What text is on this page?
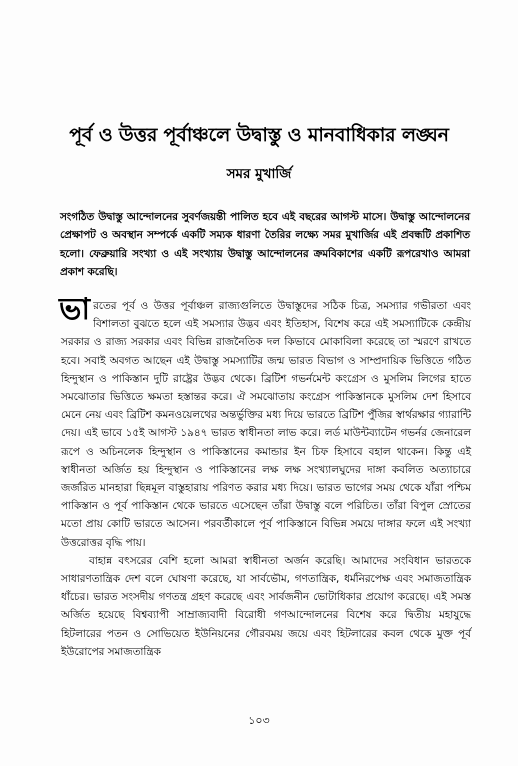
পূর্ব ও উত্তর পূর্বাঞ্চলে উদ্বাস্তু ও মানবাধিকার লঙ্ঘন
সমর মুখার্জি

সংগঠিত উদ্বাস্তু আন্দোলনের সুবর্ণজয়ন্তী পালিত হবে এই বছরের আগস্ট মাসে। উদ্বাস্তু আন্দোলনের প্রেক্ষাপট ও অবস্থান সম্পর্কে একটি সম্যক ধারণা তৈরির লক্ষ্যে সমর মুখার্জির এই প্রবন্ধটি প্রকাশিত হলো। ফেব্রুয়ারি সংখ্যা ও এই সংখ্যায় উদ্বাস্তু আন্দোলনের ক্রমবিকাশের একটি রূপরেখাও আমরা প্রকাশ করেছি।

ভারতের পূর্ব ও উত্তর পূর্বাঞ্চল রাজ্যগুলিতে উদ্বাস্তুদের সঠিক চিত্র, সমস্যার গভীরতা এবং বিশালতা বুঝতে হলে এই সমস্যার উদ্ভব এবং ইতিহাস, বিশেষ করে এই সমস্যাটিকে কেন্দ্রীয় সরকার ও রাজ্য সরকার এবং বিভিন্ন রাজনৈতিক দল কিভাবে মোকাবিলা করেছে তা স্মরণে রাখতে হবে। সবাই অবগত আছেন এই উদ্বাস্তু সমস্যাটির জন্ম ভারত বিভাগ ও সাম্প্রদায়িক ভিত্তিতে গঠিত হিন্দুস্থান ও পাকিস্তান দুটি রাষ্ট্রের উদ্ভব থেকে। ব্রিটিশ গভর্নমেন্ট কংগ্রেস ও মুসলিম লিগের হাতে সমঝোতার ভিত্তিতে ক্ষমতা হস্তান্তর করে। ঐ সমঝোতায় কংগ্রেস পাকিস্তানকে মুসলিম দেশ হিসাবে মেনে নেয় এবং ব্রিটিশ কমনওয়েলথের অন্তর্ভুক্তির মধ্য দিয়ে ভারতে ব্রিটিশ পুঁজির স্বার্থরক্ষার গ্যারান্টি দেয়। এই ভাবে ১৫ই আগস্ট ১৯৪৭ ভারত স্বাধীনতা লাভ করে। লর্ড মাউন্টব্যাটেন গভর্নর জেনারেল রূপে ও অচিনলেক হিন্দুস্থান ও পাকিস্তানের কমান্ডার ইন চিফ হিসাবে বহাল থাকেন। কিন্তু এই স্বাধীনতা অর্জিত হয় হিন্দুস্থান ও পাকিস্তানের লক্ষ লক্ষ সংখ্যালঘুদের দাঙ্গা কবলিত অত্যাচারে জর্জরিত মানহারা ছিন্নমূল বাস্তুহারায় পরিণত করার মধ্য দিয়ে। ভারত ভাগের সময় থেকে যাঁরা পশ্চিম পাকিস্তান ও পূর্ব পাকিস্তান থেকে ভারতে এসেছেন তাঁরা উদ্বাস্তু বলে পরিচিত। তাঁরা বিপুল স্রোতের মতো প্রায় কোটি ভারতে আসেন। পরবর্তীকালে পূর্ব পাকিস্তানে বিভিন্ন সময়ে দাঙ্গার ফলে এই সংখ্যা উত্তরোত্তর বৃদ্ধি পায়।

বাহান্ন বৎসরের বেশি হলো আমরা স্বাধীনতা অর্জন করেছি। আমাদের সংবিধান ভারতকে সাধারণতান্ত্রিক দেশ বলে ঘোষণা করেছে, যা সার্বভৌম, গণতান্ত্রিক, ধর্মনিরপেক্ষ এবং সমাজতান্ত্রিক ধাঁচের। ভারত সংসদীয় গণতন্ত্র গ্রহণ করেছে এবং সার্বজনীন ভোটাধিকার প্রয়োগ করেছে। এই সমস্ত অর্জিত হয়েছে বিশ্বব্যাপী সাম্রাজ্যবাদী বিরোধী গণআন্দোলনের বিশেষ করে দ্বিতীয় মহাযুদ্ধে হিটলারের পতন ও সোভিয়েত ইউনিয়নের গৌরবময় জয়ে এবং হিটলারের কবল থেকে মুক্ত পূর্ব ইউরোপের সমাজতান্ত্রিক

১০৩
